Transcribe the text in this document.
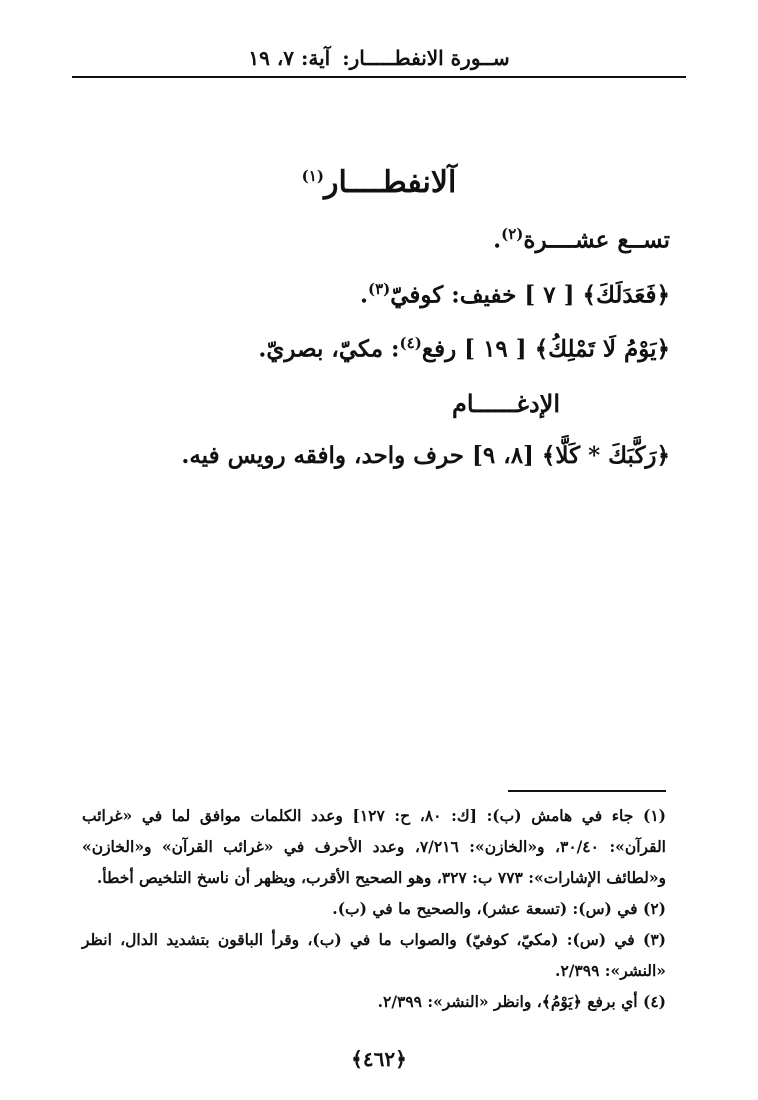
ســورة الانفطـــــار:
آية: ٧، ١٩
آلانفطــــار$^{(١)}$
تســع عشــــرة$^{(٢)}$.
﴿فَعَدَلَكَ﴾ [ ٧ ] خفيف: كوفيّ$^{(٣)}$.
﴿يَوْمُ لَا تَمْلِكُ﴾ [ ١٩ ] رفع$^{(٤)}$: مكيّ، بصريّ.
الإدغــــــام
﴿رَكَّبَكَ * كَلَّا﴾ [٨، ٩] حرف واحد، وافقه رويس فيه.
(١) جاء في هامش (ب): [ك: ٨٠، ح: ١٢٧] وعدد الكلمات موافق لما في «غرائب القرآن»: ٣٠/٤٠، و«الخازن»: ٧/٢١٦، وعدد الأحرف في «غرائب القرآن» و«الخازن» و«لطائف الإشارات»: ٧٧٣ ب: ٣٢٧، وهو الصحيح الأقرب، ويظهر أن ناسخ التلخيص أخطأ.
(٢) في (س): (تسعة عشر)، والصحيح ما في (ب).
(٣) في (س): (مكيّ، كوفيّ) والصواب ما في (ب)، وقرأ الباقون بتشديد الدال، انظر «النشر»: ٢/٣٩٩.
(٤) أي برفع ﴿يَوْمُ﴾، وانظر «النشر»: ٢/٣٩٩.
﴿٤٦٢﴾
